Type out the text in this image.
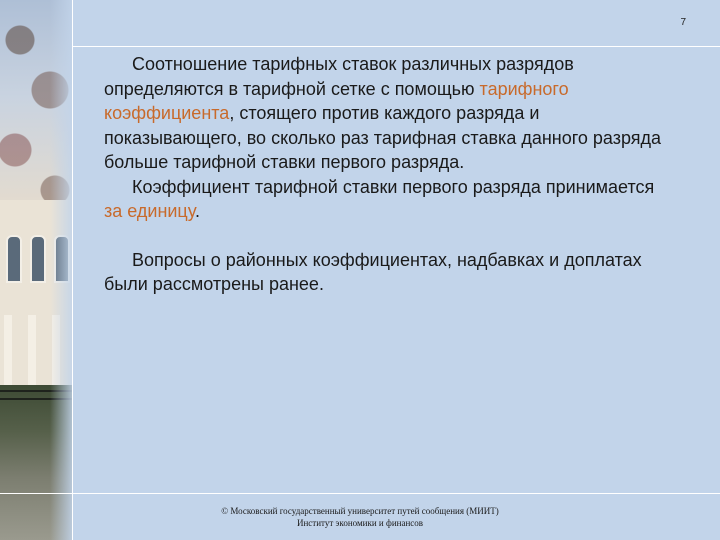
7

Соотношение тарифных ставок различных разрядов определяются в тарифной сетке с помощью тарифного коэффициента, стоящего против каждого разряда и показывающего, во сколько раз тарифная ставка данного разряда больше тарифной ставки первого разряда.

Коэффициент тарифной ставки первого разряда принимается за единицу.

Вопросы о районных коэффициентах, надбавках и доплатах были рассмотрены ранее.

© Московский государственный университет путей сообщения (МИИТ)
Институт экономики и финансов
